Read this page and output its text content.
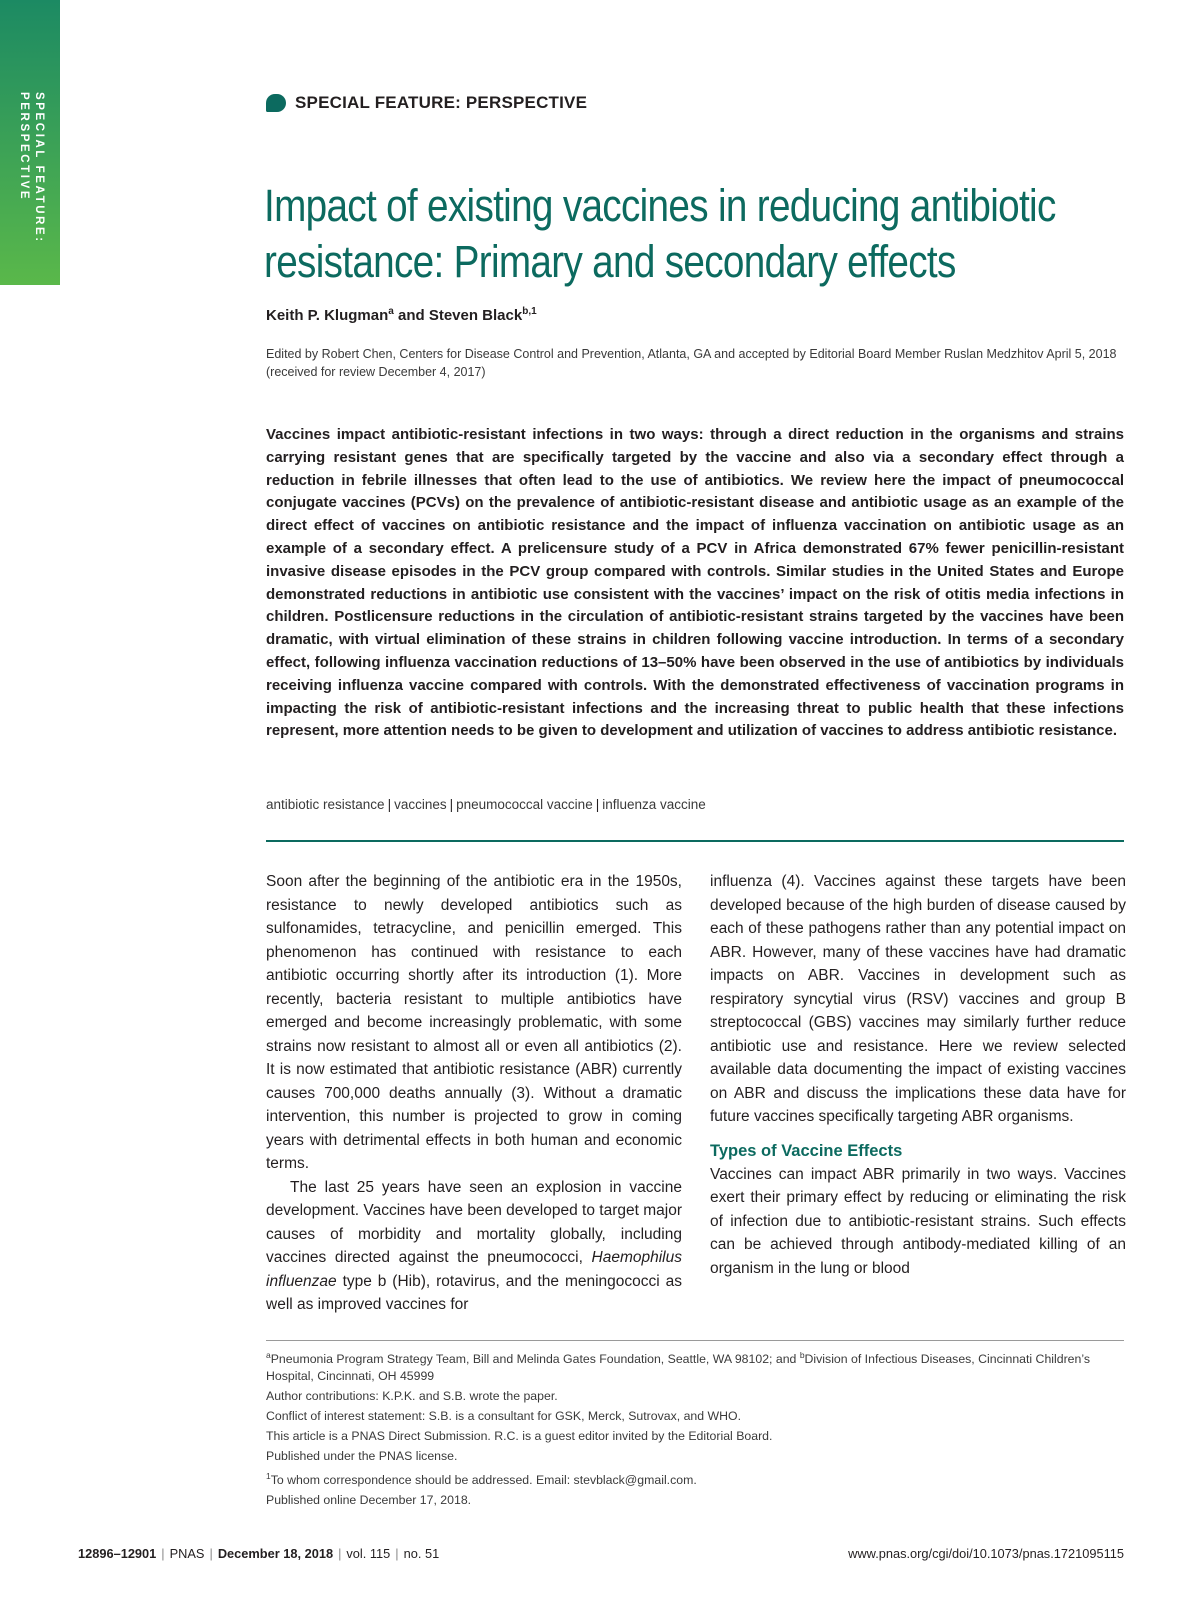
SPECIAL FEATURE:
PERSPECTIVE	SPECIAL FEATURE: PERSPECTIVE
Impact of existing vaccines in reducing antibiotic
resistance: Primary and secondary effects
Keith P. Klugman$^a$ and Steven Black$^{b,1}$
Edited by Robert Chen, Centers for Disease Control and Prevention, Atlanta, GA and accepted by Editorial Board Member Ruslan Medzhitov April 5, 2018 (received for review December 4, 2017)
Vaccines impact antibiotic-resistant infections in two ways: through a direct reduction in the organisms and strains carrying resistant genes that are specifically targeted by the vaccine and also via a secondary effect through a reduction in febrile illnesses that often lead to the use of antibiotics. We review here the impact of pneumococcal conjugate vaccines (PCVs) on the prevalence of antibiotic-resistant disease and antibiotic usage as an example of the direct effect of vaccines on antibiotic resistance and the impact of influenza vaccination on antibiotic usage as an example of a secondary effect. A prelicensure study of a PCV in Africa demonstrated 67% fewer penicillin-resistant invasive disease episodes in the PCV group compared with controls. Similar studies in the United States and Europe demonstrated reductions in antibiotic use consistent with the vaccines’ impact on the risk of otitis media infections in children. Postlicensure reductions in the circulation of antibiotic-resistant strains targeted by the vaccines have been dramatic, with virtual elimination of these strains in children following vaccine introduction. In terms of a secondary effect, following influenza vaccination reductions of 13–50% have been observed in the use of antibiotics by individuals receiving influenza vaccine compared with controls. With the demonstrated effectiveness of vaccination programs in impacting the risk of antibiotic-resistant infections and the increasing threat to public health that these infections represent, more attention needs to be given to development and utilization of vaccines to address antibiotic resistance.
antibiotic resistance | vaccines | pneumococcal vaccine | influenza vaccine

Soon after the beginning of the antibiotic era in the 1950s, resistance to newly developed antibiotics such as sulfonamides, tetracycline, and penicillin emerged. This phenomenon has continued with resistance to each antibiotic occurring shortly after its introduction (1). More recently, bacteria resistant to multiple antibiotics have emerged and become increasingly problematic, with some strains now resistant to almost all or even all antibiotics (2). It is now estimated that antibiotic resistance (ABR) currently causes 700,000 deaths annually (3). Without a dramatic intervention, this number is projected to grow in coming years with detrimental effects in both human and economic terms.

The last 25 years have seen an explosion in vaccine development. Vaccines have been developed to target major causes of morbidity and mortality globally, including vaccines directed against the pneumococci, Haemophilus influenzae type b (Hib), rotavirus, and the meningococci as well as improved vaccines for

influenza (4). Vaccines against these targets have been developed because of the high burden of disease caused by each of these pathogens rather than any potential impact on ABR. However, many of these vaccines have had dramatic impacts on ABR. Vaccines in development such as respiratory syncytial virus (RSV) vaccines and group B streptococcal (GBS) vaccines may similarly further reduce antibiotic use and resistance. Here we review selected available data documenting the impact of existing vaccines on ABR and discuss the implications these data have for future vaccines specifically targeting ABR organisms.

Types of Vaccine Effects

Vaccines can impact ABR primarily in two ways. Vaccines exert their primary effect by reducing or eliminating the risk of infection due to antibiotic-resistant strains. Such effects can be achieved through antibody-mediated killing of an organism in the lung or blood

$^a$Pneumonia Program Strategy Team, Bill and Melinda Gates Foundation, Seattle, WA 98102; and $^b$Division of Infectious Diseases, Cincinnati Children’s Hospital, Cincinnati, OH 45999
Author contributions: K.P.K. and S.B. wrote the paper.
Conflict of interest statement: S.B. is a consultant for GSK, Merck, Sutrovax, and WHO.
This article is a PNAS Direct Submission. R.C. is a guest editor invited by the Editorial Board.
Published under the PNAS license.
$^1$To whom correspondence should be addressed. Email: stevblack@gmail.com.
Published online December 17, 2018.
12896–12901 | PNAS | December 18, 2018 | vol. 115 | no. 51	www.pnas.org/cgi/doi/10.1073/pnas.1721095115
